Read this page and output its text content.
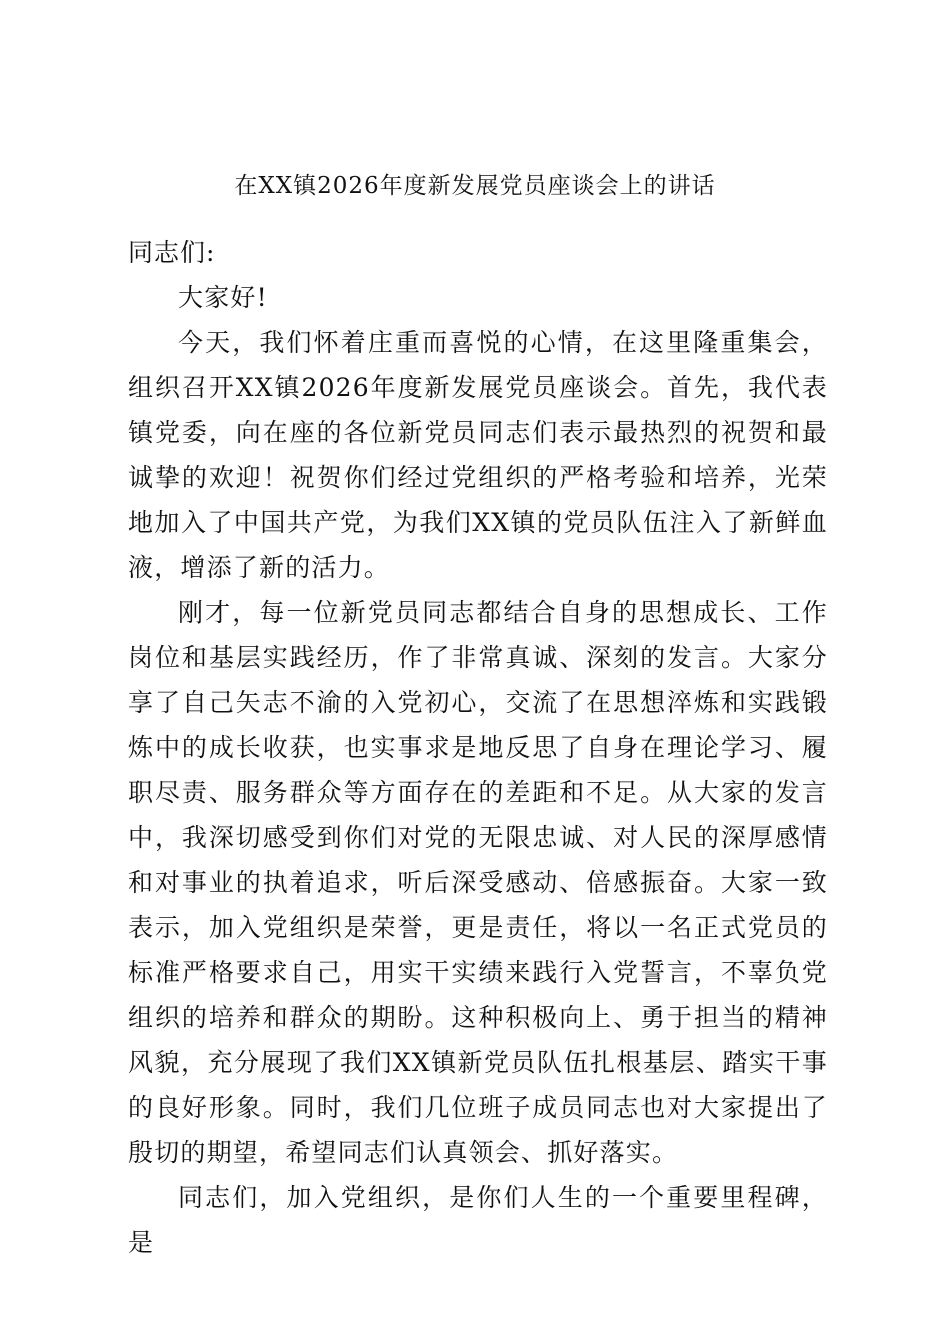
在XX镇2026年度新发展党员座谈会上的讲话

同志们:

大家好!

今天，我们怀着庄重而喜悦的心情，在这里隆重集会，组织召开XX镇2026年度新发展党员座谈会。首先，我代表镇党委，向在座的各位新党员同志们表示最热烈的祝贺和最诚挚的欢迎！祝贺你们经过党组织的严格考验和培养，光荣地加入了中国共产党，为我们XX镇的党员队伍注入了新鲜血液，增添了新的活力。

刚才，每一位新党员同志都结合自身的思想成长、工作岗位和基层实践经历，作了非常真诚、深刻的发言。大家分享了自己矢志不渝的入党初心，交流了在思想淬炼和实践锻炼中的成长收获，也实事求是地反思了自身在理论学习、履职尽责、服务群众等方面存在的差距和不足。从大家的发言中，我深切感受到你们对党的无限忠诚、对人民的深厚感情和对事业的执着追求，听后深受感动、倍感振奋。大家一致表示，加入党组织是荣誉，更是责任，将以一名正式党员的标准严格要求自己，用实干实绩来践行入党誓言，不辜负党组织的培养和群众的期盼。这种积极向上、勇于担当的精神风貌，充分展现了我们XX镇新党员队伍扎根基层、踏实干事的良好形象。同时，我们几位班子成员同志也对大家提出了殷切的期望，希望同志们认真领会、抓好落实。

同志们，加入党组织，是你们人生的一个重要里程碑，是
